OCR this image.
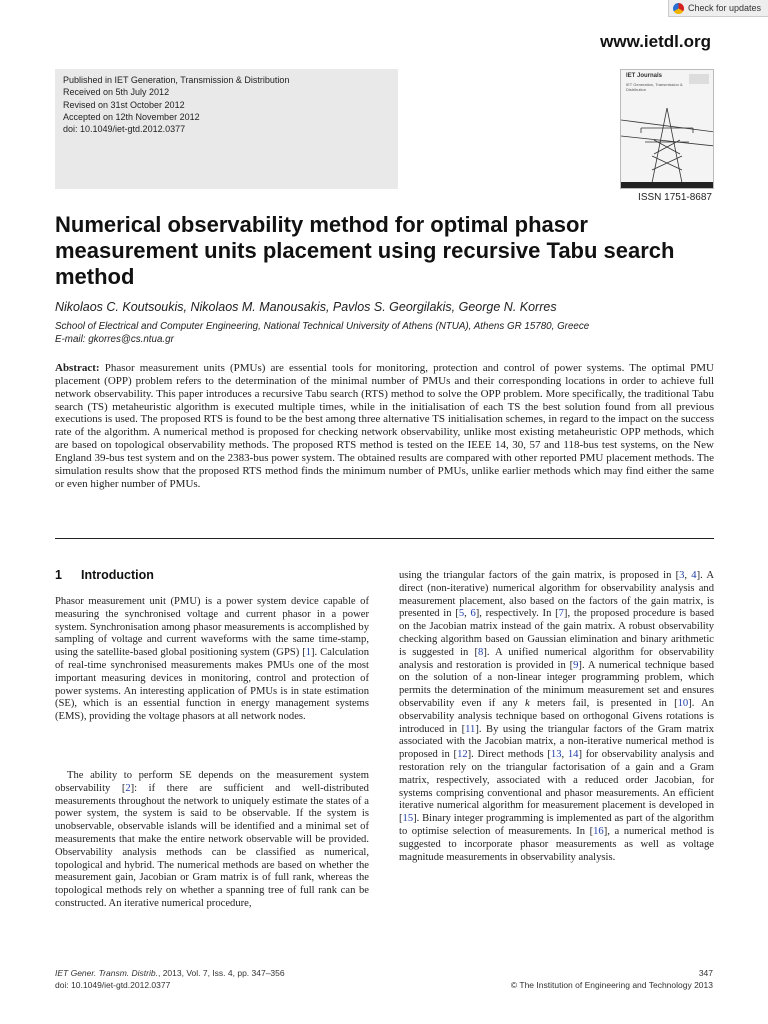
Check for updates
www.ietdl.org
Published in IET Generation, Transmission & Distribution
Received on 5th July 2012
Revised on 31st October 2012
Accepted on 12th November 2012
doi: 10.1049/iet-gtd.2012.0377
IET Journals
IET Generation, Transmission & Distribution
ISSN 1751-8687
Numerical observability method for optimal phasor measurement units placement using recursive Tabu search method
Nikolaos C. Koutsoukis, Nikolaos M. Manousakis, Pavlos S. Georgilakis, George N. Korres
School of Electrical and Computer Engineering, National Technical University of Athens (NTUA), Athens GR 15780, Greece
E-mail: gkorres@cs.ntua.gr

Abstract: Phasor measurement units (PMUs) are essential tools for monitoring, protection and control of power systems. The optimal PMU placement (OPP) problem refers to the determination of the minimal number of PMUs and their corresponding locations in order to achieve full network observability. This paper introduces a recursive Tabu search (RTS) method to solve the OPP problem. More specifically, the traditional Tabu search (TS) metaheuristic algorithm is executed multiple times, while in the initialisation of each TS the best solution found from all previous executions is used. The proposed RTS is found to be the best among three alternative TS initialisation schemes, in regard to the impact on the success rate of the algorithm. A numerical method is proposed for checking network observability, unlike most existing metaheuristic OPP methods, which are based on topological observability methods. The proposed RTS method is tested on the IEEE 14, 30, 57 and 118-bus test systems, on the New England 39-bus test system and on the 2383-bus power system. The obtained results are compared with other reported PMU placement methods. The simulation results show that the proposed RTS method finds the minimum number of PMUs, unlike earlier methods which may find either the same or even higher number of PMUs.

1 Introduction

Phasor measurement unit (PMU) is a power system device capable of measuring the synchronised voltage and current phasor in a power system. Synchronisation among phasor measurements is accomplished by sampling of voltage and current waveforms with the same time-stamp, using the satellite-based global positioning system (GPS) [1]. Calculation of real-time synchronised measurements makes PMUs one of the most important measuring devices in monitoring, control and protection of power systems. An interesting application of PMUs is in state estimation (SE), which is an essential function in energy management systems (EMS), providing the voltage phasors at all network nodes.

The ability to perform SE depends on the measurement system observability [2]: if there are sufficient and well-distributed measurements throughout the network to uniquely estimate the states of a power system, the system is said to be observable. If the system is unobservable, observable islands will be identified and a minimal set of measurements that make the entire network observable will be provided. Observability analysis methods can be classified as numerical, topological and hybrid. The numerical methods are based on whether the measurement gain, Jacobian or Gram matrix is of full rank, whereas the topological methods rely on whether a spanning tree of full rank can be constructed. An iterative numerical procedure,

using the triangular factors of the gain matrix, is proposed in [3, 4]. A direct (non-iterative) numerical algorithm for observability analysis and measurement placement, also based on the factors of the gain matrix, is presented in [5, 6], respectively. In [7], the proposed procedure is based on the Jacobian matrix instead of the gain matrix. A robust observability checking algorithm based on Gaussian elimination and binary arithmetic is suggested in [8]. A unified numerical algorithm for observability analysis and restoration is provided in [9]. A numerical technique based on the solution of a non-linear integer programming problem, which permits the determination of the minimum measurement set and ensures observability even if any k meters fail, is presented in [10]. An observability analysis technique based on orthogonal Givens rotations is introduced in [11]. By using the triangular factors of the Gram matrix associated with the Jacobian matrix, a non-iterative numerical method is proposed in [12]. Direct methods [13, 14] for observability analysis and restoration rely on the triangular factorisation of a gain and a Gram matrix, respectively, associated with a reduced order Jacobian, for systems comprising conventional and phasor measurements. An efficient iterative numerical algorithm for measurement placement is developed in [15]. Binary integer programming is implemented as part of the algorithm to optimise selection of measurements. In [16], a numerical method is suggested to incorporate phasor measurements as well as voltage magnitude measurements in observability analysis.

IET Gener. Transm. Distrib., 2013, Vol. 7, Iss. 4, pp. 347–356
doi: 10.1049/iet-gtd.2012.0377
347
© The Institution of Engineering and Technology 2013
